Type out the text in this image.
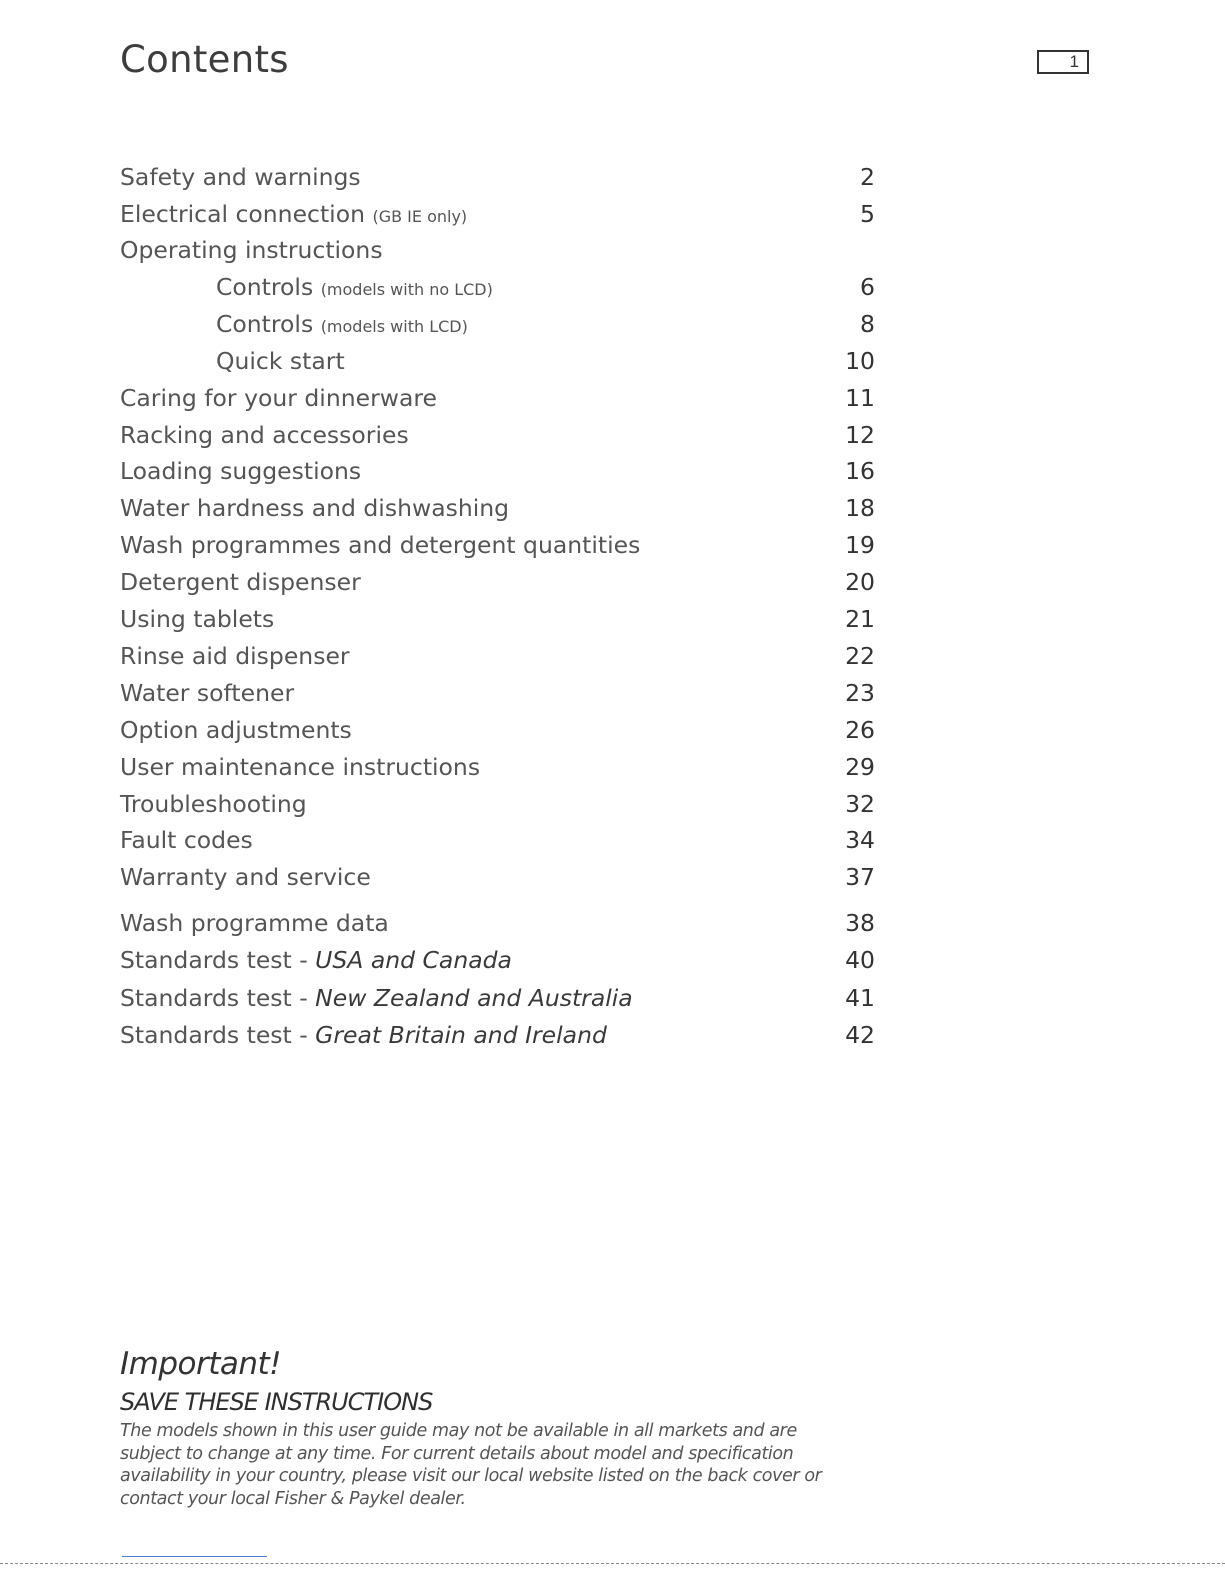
Contents	1
Safety and warnings	2
Electrical connection (GB IE only)	5
Operating instructions
Controls (models with no LCD)	6
Controls (models with LCD)	8
Quick start	10
Caring for your dinnerware	11
Racking and accessories	12
Loading suggestions	16
Water hardness and dishwashing	18
Wash programmes and detergent quantities	19
Detergent dispenser	20
Using tablets	21
Rinse aid dispenser	22
Water softener	23
Option adjustments	26
User maintenance instructions	29
Troubleshooting	32
Fault codes	34
Warranty and service	37
Wash programme data	38
Standards test - USA and Canada	40
Standards test - New Zealand and Australia	41
Standards test - Great Britain and Ireland	42
Important!
SAVE THESE INSTRUCTIONS
The models shown in this user guide may not be available in all markets and are subject to change at any time. For current details about model and specification availability in your country, please visit our local website listed on the back cover or contact your local Fisher & Paykel dealer.
